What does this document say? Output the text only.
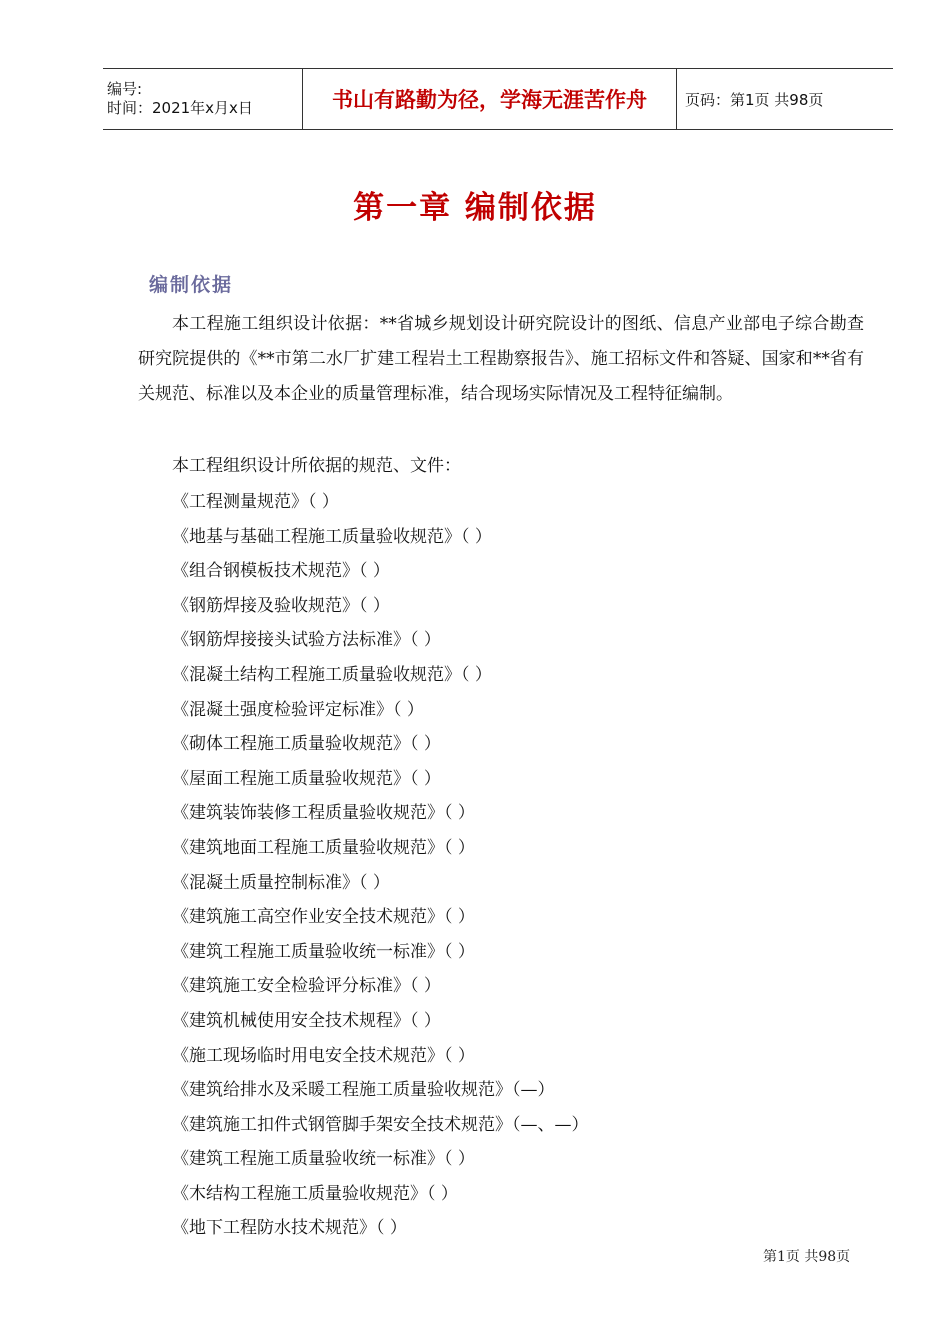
编号:
时间：2021年x月x日	书山有路勤为径，学海无涯苦作舟	页码：第1页 共98页
第一章 编制依据
编制依据

本工程施工组织设计依据：**省城乡规划设计研究院设计的图纸、信息产业部电子综合勘查研究院提供的《**市第二水厂扩建工程岩土工程勘察报告》、施工招标文件和答疑、国家和**省有关规范、标准以及本企业的质量管理标准，结合现场实际情况及工程特征编制。

本工程组织设计所依据的规范、文件：

《工程测量规范》（ ）
《地基与基础工程施工质量验收规范》（ ）
《组合钢模板技术规范》（ ）
《钢筋焊接及验收规范》（ ）
《钢筋焊接接头试验方法标准》（ ）
《混凝土结构工程施工质量验收规范》（ ）
《混凝土强度检验评定标准》（ ）
《砌体工程施工质量验收规范》（ ）
《屋面工程施工质量验收规范》（ ）
《建筑装饰装修工程质量验收规范》（ ）
《建筑地面工程施工质量验收规范》（ ）
《混凝土质量控制标准》（ ）
《建筑施工高空作业安全技术规范》（ ）
《建筑工程施工质量验收统一标准》（ ）
《建筑施工安全检验评分标准》（ ）
《建筑机械使用安全技术规程》（ ）
《施工现场临时用电安全技术规范》（ ）
《建筑给排水及采暖工程施工质量验收规范》（—）
《建筑施工扣件式钢管脚手架安全技术规范》（—、—）
《建筑工程施工质量验收统一标准》（ ）
《木结构工程施工质量验收规范》（ ）
《地下工程防水技术规范》（ ）
第1页 共98页
